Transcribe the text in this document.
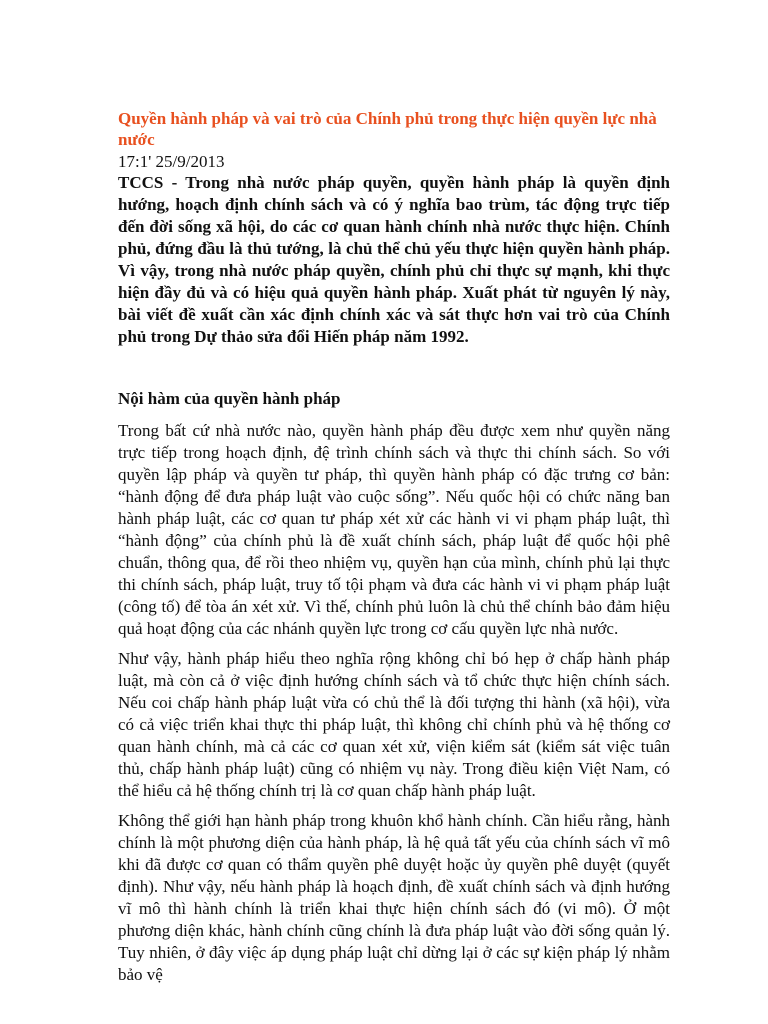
Quyền hành pháp và vai trò của Chính phủ trong thực hiện quyền lực nhà nước
17:1' 25/9/2013

TCCS - Trong nhà nước pháp quyền, quyền hành pháp là quyền định hướng, hoạch định chính sách và có ý nghĩa bao trùm, tác động trực tiếp đến đời sống xã hội, do các cơ quan hành chính nhà nước thực hiện. Chính phủ, đứng đầu là thủ tướng, là chủ thể chủ yếu thực hiện quyền hành pháp. Vì vậy, trong nhà nước pháp quyền, chính phủ chỉ thực sự mạnh, khi thực hiện đầy đủ và có hiệu quả quyền hành pháp. Xuất phát từ nguyên lý này, bài viết đề xuất cần xác định chính xác và sát thực hơn vai trò của Chính phủ trong Dự thảo sửa đổi Hiến pháp năm 1992.

Nội hàm của quyền hành pháp

Trong bất cứ nhà nước nào, quyền hành pháp đều được xem như quyền năng trực tiếp trong hoạch định, đệ trình chính sách và thực thi chính sách. So với quyền lập pháp và quyền tư pháp, thì quyền hành pháp có đặc trưng cơ bản: “hành động để đưa pháp luật vào cuộc sống”. Nếu quốc hội có chức năng ban hành pháp luật, các cơ quan tư pháp xét xử các hành vi vi phạm pháp luật, thì “hành động” của chính phủ là đề xuất chính sách, pháp luật để quốc hội phê chuẩn, thông qua, để rồi theo nhiệm vụ, quyền hạn của mình, chính phủ lại thực thi chính sách, pháp luật, truy tố tội phạm và đưa các hành vi vi phạm pháp luật (công tố) để tòa án xét xử. Vì thế, chính phủ luôn là chủ thể chính bảo đảm hiệu quả hoạt động của các nhánh quyền lực trong cơ cấu quyền lực nhà nước.

Như vậy, hành pháp hiểu theo nghĩa rộng không chỉ bó hẹp ở chấp hành pháp luật, mà còn cả ở việc định hướng chính sách và tổ chức thực hiện chính sách. Nếu coi chấp hành pháp luật vừa có chủ thể là đối tượng thi hành (xã hội), vừa có cả việc triển khai thực thi pháp luật, thì không chỉ chính phủ và hệ thống cơ quan hành chính, mà cả các cơ quan xét xử, viện kiểm sát (kiểm sát việc tuân thủ, chấp hành pháp luật) cũng có nhiệm vụ này. Trong điều kiện Việt Nam, có thể hiểu cả hệ thống chính trị là cơ quan chấp hành pháp luật.

Không thể giới hạn hành pháp trong khuôn khổ hành chính. Cần hiểu rằng, hành chính là một phương diện của hành pháp, là hệ quả tất yếu của chính sách vĩ mô khi đã được cơ quan có thẩm quyền phê duyệt hoặc ủy quyền phê duyệt (quyết định). Như vậy, nếu hành pháp là hoạch định, đề xuất chính sách và định hướng vĩ mô thì hành chính là triển khai thực hiện chính sách đó (vi mô). Ở một phương diện khác, hành chính cũng chính là đưa pháp luật vào đời sống quản lý. Tuy nhiên, ở đây việc áp dụng pháp luật chỉ dừng lại ở các sự kiện pháp lý nhằm bảo vệ
